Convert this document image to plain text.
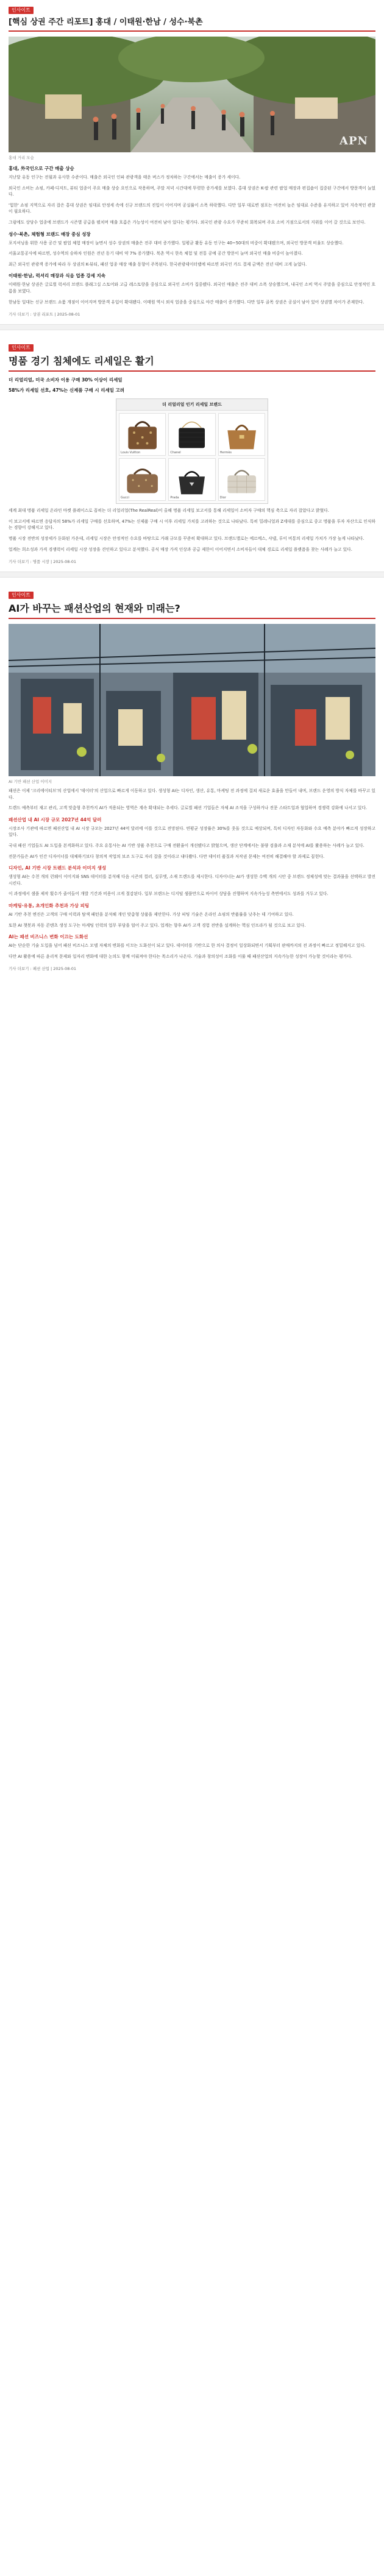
인사이트
[핵심 상권 주간 리포트] 홍대 / 이태원·한남 / 성수·북촌
APN

홍대 거리 모습

홍대, 外국인으로 구간 매출 상승

지난달 유동 인구는 전월과 유사한 수준이다. 매출은 외국인 인파 관광객을 태운 버스가 정차하는 구간에서는 매출이 증가 세이다.

외국인 소비는 쇼핑, 카페·디저트, 뷰티 업종이 주요 매출 상승 요인으로 작용하며, 주말 저녁 시간대에 뚜렷한 증가세를 보였다. 홍대 상권은 K-팝 관련 팝업 매장과 편집숍이 집중된 구간에서 방문객이 늘었다.

'힙한' 쇼핑 지역으로 자리 잡은 홍대 상권은 임대료 안정세 속에 신규 브랜드의 진입이 이어지며 공실률이 소폭 하락했다. 다만 일부 대로변 점포는 여전히 높은 임대료 수준을 유지하고 있어 지속적인 관찰이 필요하다.

그럼에도 상당수 업종에 브랜드가 시즌별 공급을 펼치며 매출 흐름은 가능성이 여전히 남아 있다는 평가다. 외국인 관광 수요가 꾸준히 회복되며 주요 소비 거점으로서의 지위를 이어 갈 것으로 보인다.

성수·북촌, 체험형 브랜드 매장 중심 성장

포지셔닝을 위한 사용 공간 및 팝업 체험 매장이 늘면서 성수 상권의 매출은 전주 대비 증가했다. 일평균 활동 유동 인구는 40~50대의 비중이 확대됐으며, 외국인 방문객 비율도 상승했다.

서울교통공사에 따르면, 성수역의 승하차 인원은 전년 동기 대비 약 7% 증가했다. 북촌 역시 한옥 체험 및 전통 공예 공간 방문이 늘며 외국인 매출 비중이 높아졌다.

최근 외국인 관광객 증가에 따라 두 상권의 K-뷰티, 패션 업종 매장 매출 동향이 주목된다. 한국관광데이터랩에 따르면 외국인 카드 결제 금액은 전년 대비 크게 늘었다.

이태원·한남, 럭셔리 매장과 식음 업종 강세 지속

이태원·한남 상권은 글로벌 럭셔리 브랜드 플래그십 스토어와 고급 레스토랑을 중심으로 외국인 소비가 집중됐다. 외국인 매출은 전주 대비 소폭 상승했으며, 내국인 소비 역시 주말을 중심으로 안정적인 흐름을 보였다.

한남동 일대는 신규 브랜드 쇼룸 개점이 이어지며 방문객 유입이 확대됐다. 이태원 역시 외식 업종을 중심으로 야간 매출이 증가했다. 다만 일부 골목 상권은 공실이 남아 있어 상권별 차이가 존재한다.

기사 더보기 : 상권 리포트 | 2025-08-01

인사이트
명품 경기 침체에도 리세일은 활기

더 리얼리얼, 미국 소비자 이용 구매 30% 이상이 리세일

58%가 리세일 선호, 47%는 신제품 구매 시 리세일 고려

더 리얼리얼 인기 리세일 브랜드
Louis Vuitton	Chanel	Hermès
Gucci	Prada	Dior

세계 최대 명품 리세일 온라인 마켓 플레이스로 꼽히는 더 리얼리얼(The RealReal)이 올해 명품 리세일 보고서를 통해 리세일이 소비자 구매의 핵심 축으로 자리 잡았다고 밝혔다.

이 보고서에 따르면 응답자의 58%가 리세일 구매를 선호하며, 47%는 신제품 구매 시 이후 리세일 가치를 고려하는 것으로 나타났다. 특히 밀레니얼과 Z세대를 중심으로 중고 명품을 투자 자산으로 인식하는 경향이 강해지고 있다.

명품 시장 전반의 성장세가 둔화된 가운데, 리세일 시장은 안정적인 수요를 바탕으로 거래 규모를 꾸준히 확대하고 있다. 브랜드별로는 에르메스, 샤넬, 루이 비통의 리세일 가치가 가장 높게 나타났다.

업계는 희소성과 가격 경쟁력이 리세일 시장 성장을 견인하고 있다고 분석했다. 공식 매장 가격 인상과 공급 제한이 이어지면서 소비자들이 대체 경로로 리세일 플랫폼을 찾는 사례가 늘고 있다.

기사 더보기 : 명품 시장 | 2025-08-01

인사이트
AI가 바꾸는 패션산업의 현재와 미래는?

AI 기반 패션 산업 이미지

패션은 이제 '크리에이티브'의 산업에서 '데이터'의 산업으로 빠르게 이동하고 있다. 생성형 AI는 디자인, 생산, 유통, 마케팅 전 과정에 걸쳐 새로운 효율을 만들어 내며, 브랜드 운영의 방식 자체를 바꾸고 있다.

트렌드 예측부터 재고 관리, 고객 맞춤형 추천까지 AI가 적용되는 영역은 계속 확대되는 추세다. 글로벌 패션 기업들은 자체 AI 조직을 구성하거나 전문 스타트업과 협업하며 경쟁력 강화에 나서고 있다.

패션산업 내 AI 시장 규모 2027년 44억 달러

시장조사 기관에 따르면 패션산업 내 AI 시장 규모는 2027년 44억 달러에 이를 것으로 전망된다. 연평균 성장률은 30%를 웃돌 것으로 예상되며, 특히 디자인 자동화와 수요 예측 분야가 빠르게 성장하고 있다.

국내 패션 기업들도 AI 도입을 본격화하고 있다. 주요 유통사는 AI 기반 상품 추천으로 구매 전환율이 개선됐다고 밝혔으며, 생산 단계에서는 불량 검출과 소재 분석에 AI를 활용하는 사례가 늘고 있다.

전문가들은 AI가 인간 디자이너를 대체하기보다 창의적 작업의 보조 도구로 자리 잡을 것이라고 내다봤다. 다만 데이터 품질과 저작권 문제는 여전히 해결해야 할 과제로 꼽힌다.

디자인, AI 기반 시장 트렌드 분석과 이미지 생성

생성형 AI는 수천 개의 런웨이 이미지와 SNS 데이터를 분석해 다음 시즌의 컬러, 실루엣, 소재 트렌드를 제시한다. 디자이너는 AI가 생성한 수백 개의 시안 중 브랜드 정체성에 맞는 결과물을 선택하고 발전시킨다.

이 과정에서 샘플 제작 횟수가 줄어들어 개발 기간과 비용이 크게 절감된다. 일부 브랜드는 디지털 샘플만으로 바이어 상담을 진행하며 지속가능성 측면에서도 성과를 거두고 있다.

마케팅·유통, 초개인화 추천과 가상 피팅

AI 기반 추천 엔진은 고객의 구매 이력과 탐색 패턴을 분석해 개인 맞춤형 상품을 제안한다. 가상 피팅 기술은 온라인 쇼핑의 반품률을 낮추는 데 기여하고 있다.

또한 AI 챗봇과 자동 콘텐츠 생성 도구는 마케팅 인력의 업무 부담을 덜어 주고 있다. 업계는 향후 AI가 고객 경험 전반을 설계하는 핵심 인프라가 될 것으로 보고 있다.

AI는 패션 비즈니스 변화 이끄는 도화선

AI는 단순한 기술 도입을 넘어 패션 비즈니스 모델 자체의 변화를 이끄는 도화선이 되고 있다. 데이터를 기반으로 한 의사 결정이 일상화되면서 기획부터 판매까지의 전 과정이 빠르고 정밀해지고 있다.

다만 AI 활용에 따른 윤리적 문제와 일자리 변화에 대한 논의도 함께 이뤄져야 한다는 목소리가 나온다. 기술과 창의성이 조화를 이룰 때 패션산업의 지속가능한 성장이 가능할 것이라는 평가다.

기사 더보기 : 패션 산업 | 2025-08-01
